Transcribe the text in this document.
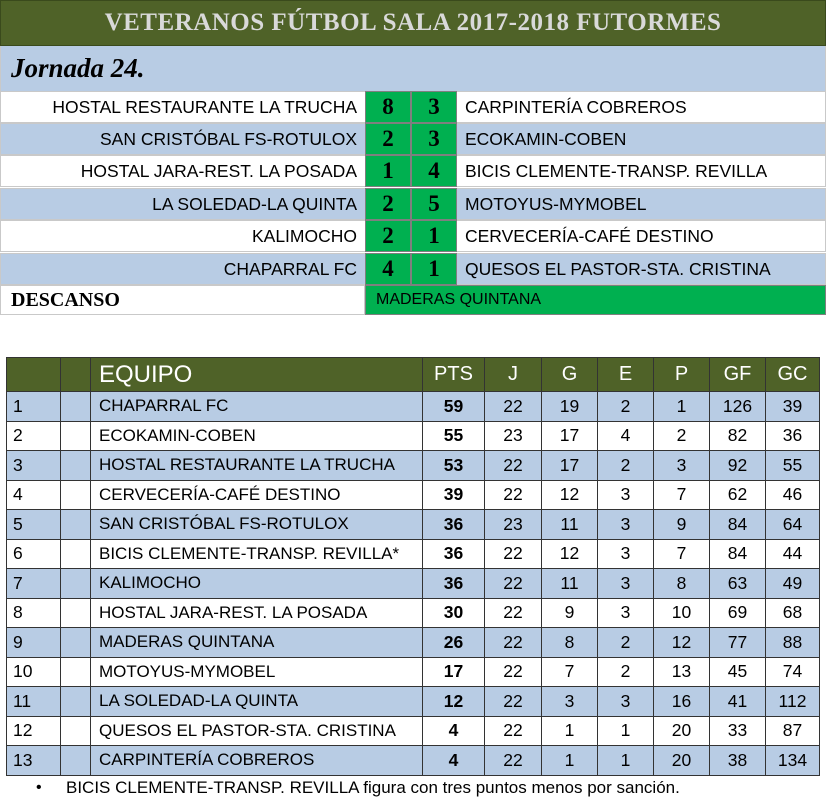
VETERANOS FÚTBOL SALA 2017-2018 FUTORMES
Jornada 24.
HOSTAL RESTAURANTE LA TRUCHA	8	3	CARPINTERÍA COBREROS
SAN CRISTÓBAL FS-ROTULOX	2	3	ECOKAMIN-COBEN
HOSTAL JARA-REST. LA POSADA	1	4	BICIS CLEMENTE-TRANSP. REVILLA
LA SOLEDAD-LA QUINTA	2	5	MOTOYUS-MYMOBEL
KALIMOCHO	2	1	CERVECERÍA-CAFÉ DESTINO
CHAPARRAL FC	4	1	QUESOS EL PASTOR-STA. CRISTINA
DESCANSO	MADERAS QUINTANA
		EQUIPO	PTS	J	G	E	P	GF	GC
1		CHAPARRAL FC	59	22	19	2	1	126	39
2		ECOKAMIN-COBEN	55	23	17	4	2	82	36
3		HOSTAL RESTAURANTE LA TRUCHA	53	22	17	2	3	92	55
4		CERVECERÍA-CAFÉ DESTINO	39	22	12	3	7	62	46
5		SAN CRISTÓBAL FS-ROTULOX	36	23	11	3	9	84	64
6		BICIS CLEMENTE-TRANSP. REVILLA*	36	22	12	3	7	84	44
7		KALIMOCHO	36	22	11	3	8	63	49
8		HOSTAL JARA-REST. LA POSADA	30	22	9	3	10	69	68
9		MADERAS QUINTANA	26	22	8	2	12	77	88
10		MOTOYUS-MYMOBEL	17	22	7	2	13	45	74
11		LA SOLEDAD-LA QUINTA	12	22	3	3	16	41	112
12		QUESOS EL PASTOR-STA. CRISTINA	4	22	1	1	20	33	87
13		CARPINTERÍA COBREROS	4	22	1	1	20	38	134
•	BICIS CLEMENTE-TRANSP. REVILLA figura con tres puntos menos por sanción.
